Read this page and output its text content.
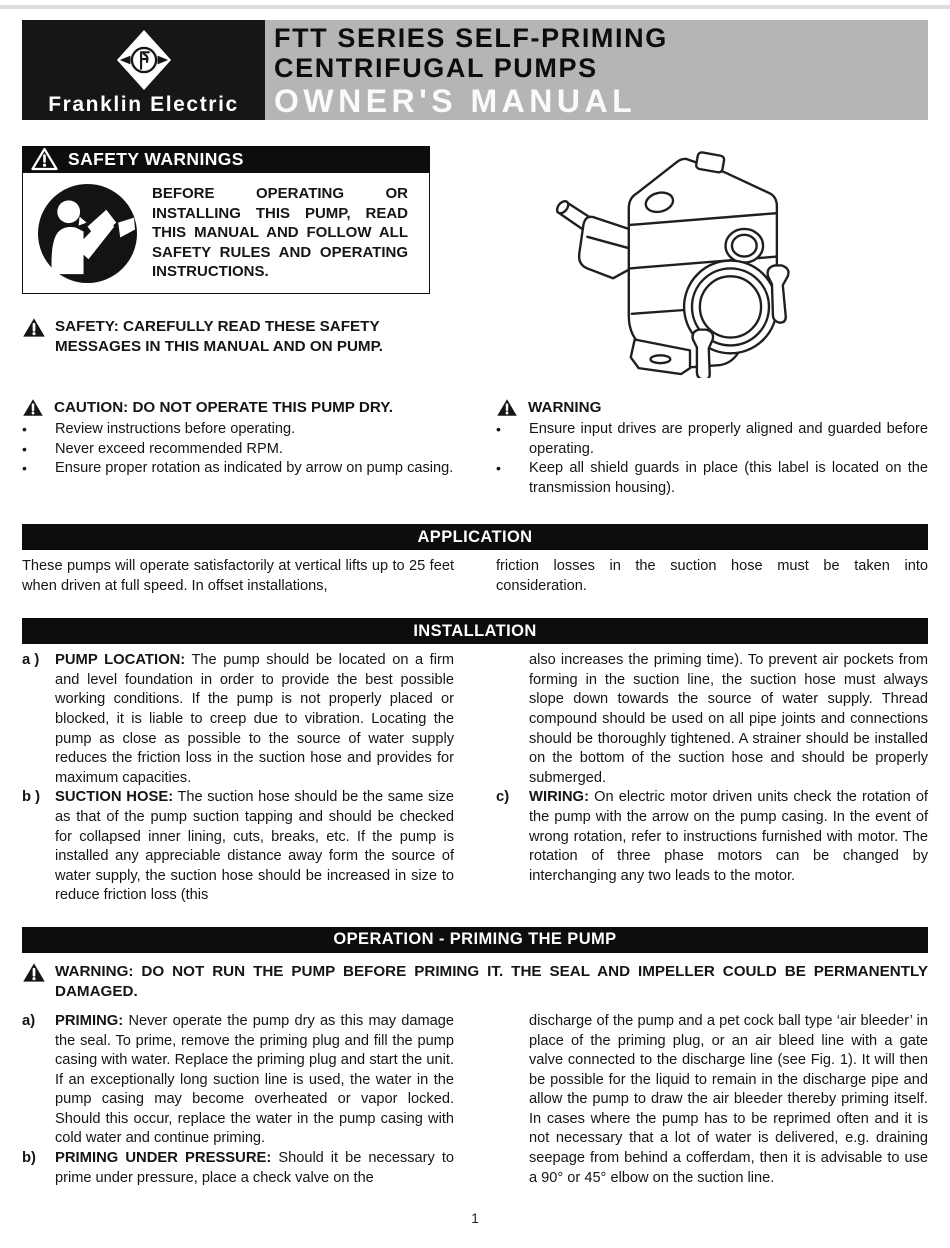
Franklin Electric
FTT SERIES SELF-PRIMING
CENTRIFUGAL PUMPS
OWNER'S MANUAL
SAFETY WARNINGS

BEFORE OPERATING OR INSTALLING THIS PUMP, READ THIS MANUAL AND FOLLOW ALL SAFETY RULES AND OPERATING INSTRUCTIONS.

SAFETY: CAREFULLY READ THESE SAFETY MESSAGES IN THIS MANUAL AND ON PUMP.

CAUTION: DO NOT OPERATE THIS PUMP DRY.
•	Review instructions before operating.

•	Never exceed recommended RPM.

•	Ensure proper rotation as indicated by arrow on pump casing.

WARNING
•	Ensure input drives are properly aligned and guarded before operating.

•	Keep all shield guards in place (this label is located on the transmission housing).

APPLICATION

These pumps will operate satisfactorily at vertical lifts up to 25 feet when driven at full speed. In offset installations,

friction losses in the suction hose must be taken into consideration.

INSTALLATION
a )	PUMP LOCATION: The pump should be located on a firm and level foundation in order to provide the best possible working conditions. If the pump is not properly placed or blocked, it is liable to creep due to vibration. Locating the pump as close as possible to the source of water supply reduces the friction loss in the suction hose and provides for maximum capacities.

b )	SUCTION HOSE: The suction hose should be the same size as that of the pump suction tapping and should be checked for collapsed inner lining, cuts, breaks, etc. If the pump is installed any appreciable distance away form the source of water supply, the suction hose should be increased in size to reduce friction loss (this

also increases the priming time). To prevent air pockets from forming in the suction line, the suction hose must always slope down towards the source of water supply. Thread compound should be used on all pipe joints and connections should be thoroughly tightened. A strainer should be installed on the bottom of the suction hose and should be properly submerged.

c)	WIRING: On electric motor driven units check the rotation of the pump with the arrow on the pump casing. In the event of wrong rotation, refer to instructions furnished with motor. The rotation of three phase motors can be changed by interchanging any two leads to the motor.

OPERATION - PRIMING THE PUMP

WARNING: DO NOT RUN THE PUMP BEFORE PRIMING IT. THE SEAL AND IMPELLER COULD BE PERMANENTLY DAMAGED.

a)	PRIMING: Never operate the pump dry as this may damage the seal. To prime, remove the priming plug and fill the pump casing with water. Replace the priming plug and start the unit. If an exceptionally long suction line is used, the water in the pump casing may become overheated or vapor locked. Should this occur, replace the water in the pump casing with cold water and continue priming.

b)	PRIMING UNDER PRESSURE: Should it be necessary to prime under pressure, place a check valve on the

discharge of the pump and a pet cock ball type ‘air bleeder’ in place of the priming plug, or an air bleed line with a gate valve connected to the discharge line (see Fig. 1). It will then be possible for the liquid to remain in the discharge pipe and allow the pump to draw the air bleeder thereby priming itself. In cases where the pump has to be reprimed often and it is not necessary that a lot of water is delivered, e.g. draining seepage from behind a cofferdam, then it is advisable to use a 90° or 45° elbow on the suction line.

1
